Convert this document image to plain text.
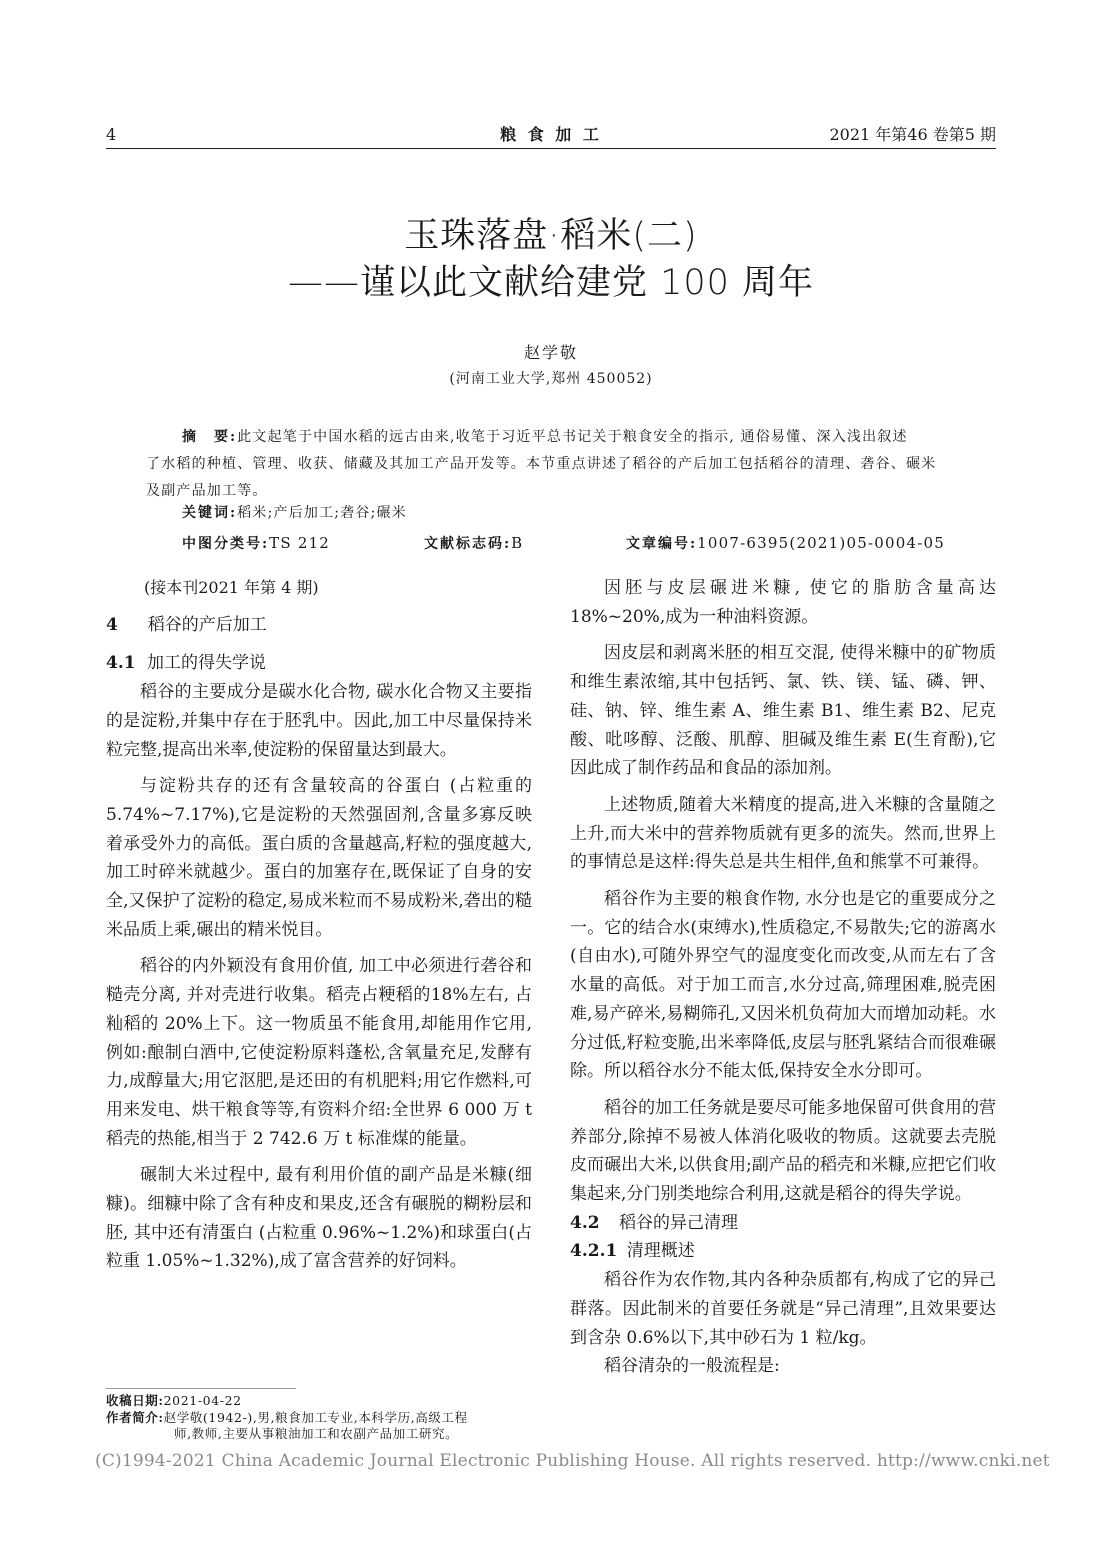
4	粮 食 加 工	2021 年第46 卷第5 期
玉珠落盘·稻米(二)
——谨以此文献给建党 100 周年
赵学敬
(河南工业大学,郑州 450052)
摘　要:此文起笔于中国水稻的远古由来,收笔于习近平总书记关于粮食安全的指示, 通俗易懂、深入浅出叙述
了水稻的种植、管理、收获、储藏及其加工产品开发等。本节重点讲述了稻谷的产后加工包括稻谷的清理、砻谷、碾米
及副产品加工等。
关键词:稻米;产后加工;砻谷;碾米
中图分类号:TS 212	文献标志码:B	文章编号:1007-6395(2021)05-0004-05

(接本刊2021 年第 4 期)

4 稻谷的产后加工
4.1 加工的得失学说

稻谷的主要成分是碳水化合物, 碳水化合物又主要指的是淀粉,并集中存在于胚乳中。因此,加工中尽量保持米粒完整,提高出米率,使淀粉的保留量达到最大。

与淀粉共存的还有含量较高的谷蛋白 (占粒重的 5.74%~7.17%),它是淀粉的天然强固剂,含量多寡反映着承受外力的高低。蛋白质的含量越高,籽粒的强度越大,加工时碎米就越少。蛋白的加塞存在,既保证了自身的安全,又保护了淀粉的稳定,易成米粒而不易成粉米,砻出的糙米品质上乘,碾出的精米悦目。

稻谷的内外颖没有食用价值, 加工中必须进行砻谷和糙壳分离, 并对壳进行收集。稻壳占粳稻的18%左右, 占籼稻的 20%上下。这一物质虽不能食用,却能用作它用,例如:酿制白酒中,它使淀粉原料蓬松,含氧量充足,发酵有力,成醇量大;用它沤肥,是还田的有机肥料;用它作燃料,可用来发电、烘干粮食等等,有资料介绍:全世界 6 000 万 t 稻壳的热能,相当于 2 742.6 万 t 标准煤的能量。

碾制大米过程中, 最有利用价值的副产品是米糠(细糠)。细糠中除了含有种皮和果皮,还含有碾脱的糊粉层和胚, 其中还有清蛋白 (占粒重 0.96%~1.2%)和球蛋白(占粒重 1.05%~1.32%),成了富含营养的好饲料。

因胚与皮层碾进米糠, 使它的脂肪含量高达18%~20%,成为一种油料资源。

因皮层和剥离米胚的相互交混, 使得米糠中的矿物质和维生素浓缩,其中包括钙、氯、铁、镁、锰、磷、钾、硅、钠、锌、维生素 A、维生素 B1、维生素 B2、尼克酸、吡哆醇、泛酸、肌醇、胆碱及维生素 E(生育酚),它因此成了制作药品和食品的添加剂。

上述物质,随着大米精度的提高,进入米糠的含量随之上升,而大米中的营养物质就有更多的流失。然而,世界上的事情总是这样:得失总是共生相伴,鱼和熊掌不可兼得。

稻谷作为主要的粮食作物, 水分也是它的重要成分之一。它的结合水(束缚水),性质稳定,不易散失;它的游离水(自由水),可随外界空气的湿度变化而改变,从而左右了含水量的高低。对于加工而言,水分过高,筛理困难,脱壳困难,易产碎米,易糊筛孔,又因米机负荷加大而增加动耗。水分过低,籽粒变脆,出米率降低,皮层与胚乳紧结合而很难碾除。所以稻谷水分不能太低,保持安全水分即可。

稻谷的加工任务就是要尽可能多地保留可供食用的营养部分,除掉不易被人体消化吸收的物质。这就要去壳脱皮而碾出大米,以供食用;副产品的稻壳和米糠,应把它们收集起来,分门别类地综合利用,这就是稻谷的得失学说。

4.2 稻谷的异己清理
4.2.1 清理概述

稻谷作为农作物,其内各种杂质都有,构成了它的异己群落。因此制米的首要任务就是“异己清理”,且效果要达到含杂 0.6%以下,其中砂石为 1 粒/kg。

稻谷清杂的一般流程是:

收稿日期:2021-04-22
作者简介:赵学敬(1942-),男,粮食加工专业,本科学历,高级工程
师,教师,主要从事粮油加工和农副产品加工研究。
(C)1994-2021 China Academic Journal Electronic Publishing House. All rights reserved. http://www.cnki.net
